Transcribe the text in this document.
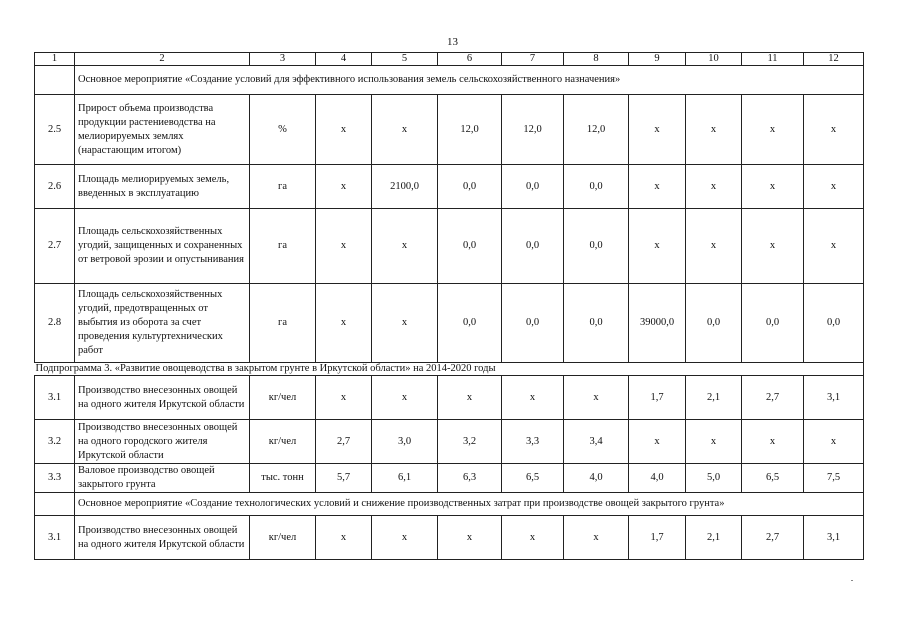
13
1	2	3	4	5	6	7	8	9	10	11	12
	Основное мероприятие «Создание условий для эффективного использования земель сельскохозяйственного назначения»										
2.5	Прирост объема производства продукции растениеводства на мелиорируемых землях (нарастающим итогом)	%	x	x	12,0	12,0	12,0	x	x	x	x
2.6	Площадь мелиорируемых земель, введенных в эксплуатацию	га	x	2100,0	0,0	0,0	0,0	x	x	x	x
2.7	Площадь сельскохозяйственных угодий, защищенных и сохраненных от ветровой эрозии и опустынивания	га	x	x	0,0	0,0	0,0	x	x	x	x
2.8	Площадь сельскохозяйственных угодий, предотвращенных от выбытия из оборота за счет проведения культуртехнических работ	га	x	x	0,0	0,0	0,0	39000,0	0,0	0,0	0,0
Подпрограмма 3. «Развитие овощеводства в закрытом грунте в Иркутской области» на 2014-2020 годы											
3.1	Производство внесезонных овощей на одного жителя Иркутской области	кг/чел	x	x	x	x	x	1,7	2,1	2,7	3,1
3.2	Производство внесезонных овощей на одного городского жителя Иркутской области	кг/чел	2,7	3,0	3,2	3,3	3,4	x	x	x	x
3.3	Валовое производство овощей закрытого грунта	тыс. тонн	5,7	6,1	6,3	6,5	4,0	4,0	5,0	6,5	7,5
	Основное мероприятие «Создание технологических условий и снижение производственных затрат при производстве овощей закрытого грунта»										
3.1	Производство внесезонных овощей на одного жителя Иркутской области	кг/чел	x	x	x	x	x	1,7	2,1	2,7	3,1
